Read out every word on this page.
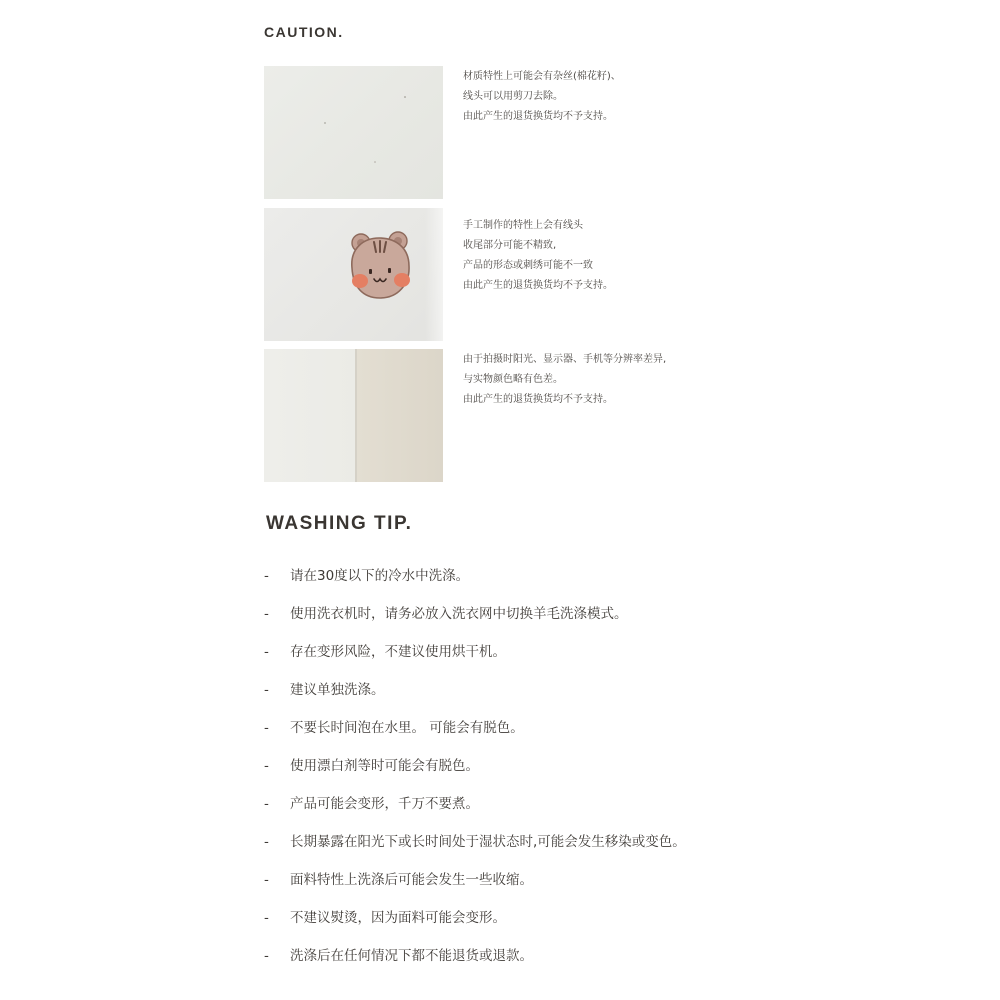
CAUTION.
材质特性上可能会有杂丝(棉花籽)、
线头可以用剪刀去除。
由此产生的退货换货均不予支持。
手工制作的特性上会有线头
收尾部分可能不精致,
产品的形态或刺绣可能不一致
由此产生的退货换货均不予支持。
由于拍摄时阳光、显示器、手机等分辨率差异,
与实物颜色略有色差。
由此产生的退货换货均不予支持。
WASHING TIP.
-	请在30度以下的冷水中洗涤。
-	使用洗衣机时，请务必放入洗衣网中切换羊毛洗涤模式。
-	存在变形风险，不建议使用烘干机。
-	建议单独洗涤。
-	不要长时间泡在水里。 可能会有脱色。
-	使用漂白剂等时可能会有脱色。
-	产品可能会变形，千万不要煮。
-	长期暴露在阳光下或长时间处于湿状态时,可能会发生移染或变色。
-	面料特性上洗涤后可能会发生一些收缩。
-	不建议熨烫，因为面料可能会变形。
-	洗涤后在任何情况下都不能退货或退款。
